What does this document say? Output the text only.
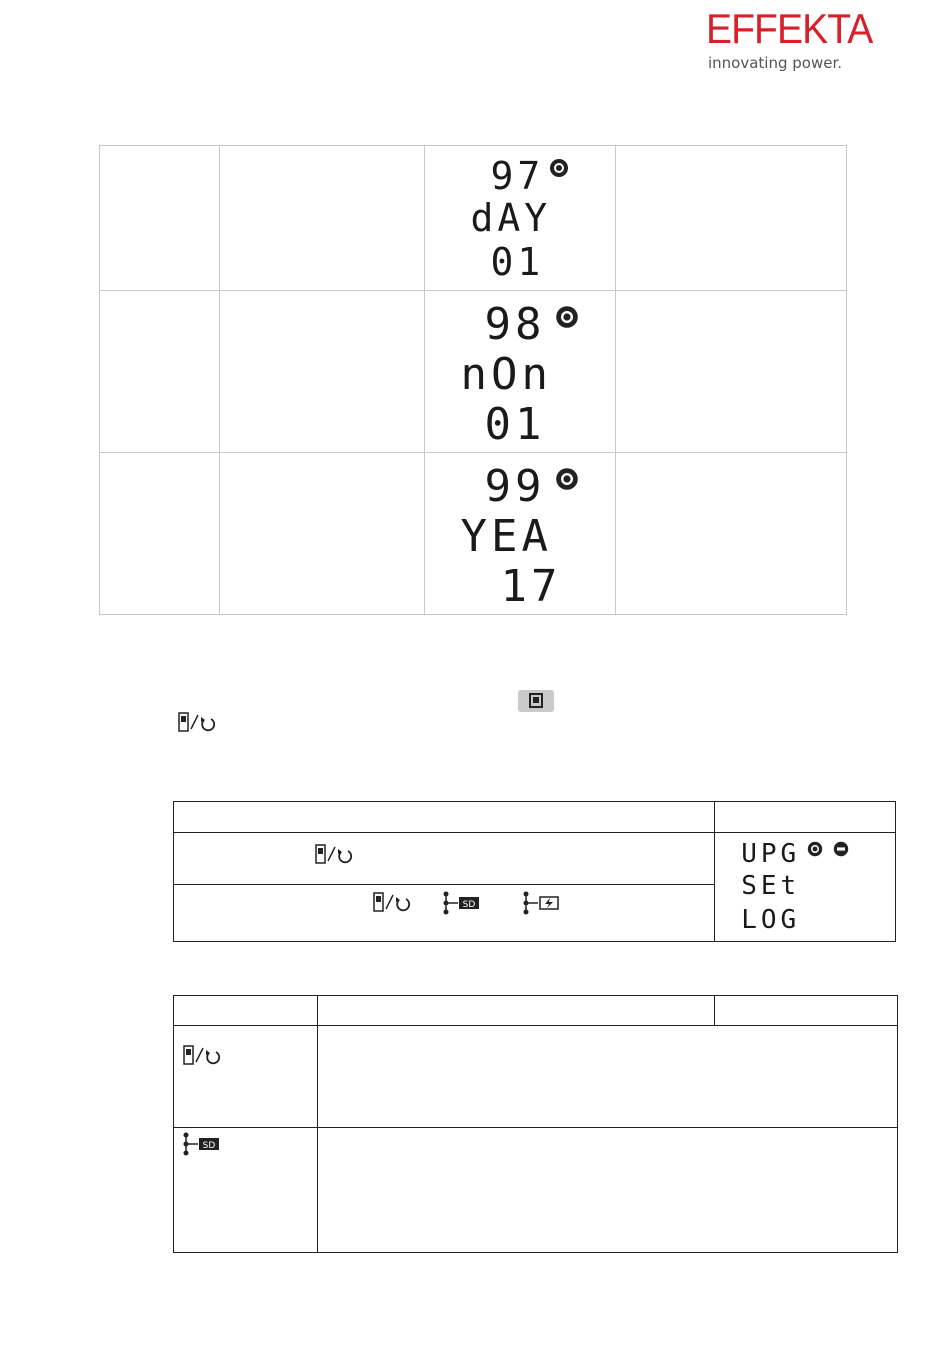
EFFEKTA
innovating power.

		97
dAY
01	

		98
nOn
01	

		99
YEA
17	

UPG
SEt
LOG

SD	

SD		
